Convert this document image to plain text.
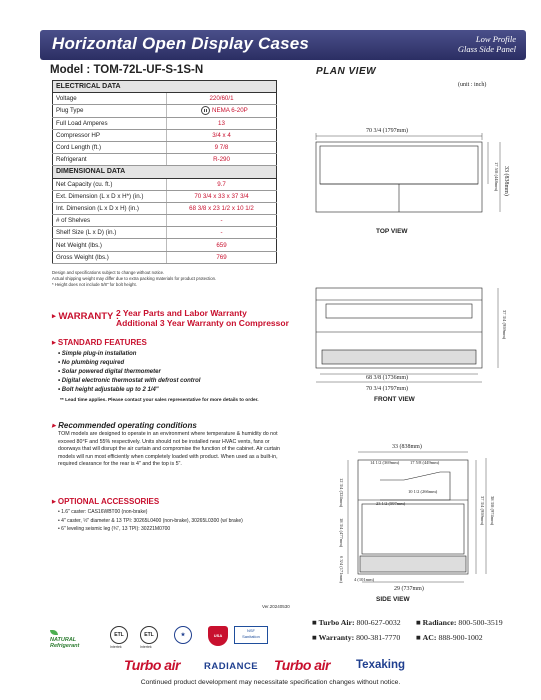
Horizontal Open Display Cases	Low Profile
Glass Side Panel
Model : TOM-72L-UF-S-1S-N
ELECTRICAL DATA	
Voltage	220/60/1
Plug Type	NEMA 6-20P
Full Load Amperes	13
Compressor HP	3/4 x 4
Cord Length (ft.)	9 7/8
Refrigerant	R-290
DIMENSIONAL DATA	
Net Capacity (cu. ft.)	9.7
Ext. Dimension (L x D x H*) (in.)	70 3/4 x 33 x 37 3/4
Int. Dimension (L x D x H) (in.)	68 3/8 x 23 1/2 x 10 1/2
# of Shelves	-
Shelf Size (L x D) (in.)	-
Net Weight (lbs.)	659
Gross Weight (lbs.)	769
Design and specifications subject to change without notice.
Actual shipping weight may differ due to extra packing materials for product protection.
* Height does not include 5/8" for bolt height.
▶ WARRANTY :
2 Year Parts and Labor Warranty
Additional 3 Year Warranty on Compressor
▶ STANDARD FEATURES
• Simple plug-in installation
• No plumbing required
• Solar powered digital thermometer
• Digital electronic thermostat with defrost control
• Bolt height adjustable up to 2 1/4"
** Lead time applies. Please contact your sales representative for more details to order.
▶ Recommended operating conditions
TOM models are designed to operate in an environment where temperature & humidity do not exceed 80°F and 55% respectively. Units should not be installed near HVAC vents, fans or doorways that will disrupt the air curtain and compromise the function of the cabinet. Air curtain models will run most efficiently when completely loaded with product. When used as a built-in, required clearance for the rear is 4" and the top is 5".
▶ OPTIONAL ACCESSORIES
• 1.6" caster: CAS16WBT00 (non-brake)
• 4" caster, ½" diameter & 13 TPI: 30265L0400 (non-brake), 30265L0300 (w/ brake)
• 6" leveling seismic leg (¾", 13 TPI): 30221M0700
Ver.20240530
NATURAL
Refrigerant
ETL
Intertek
ETL
Intertek
★	USA
NSF
Sanitation
■ Turbo Air: 800-627-0032	■ Radiance: 800-500-3519
■ Warranty: 800-381-7770	■ AC: 888-900-1002
Turbo air	RADIANCE Turbo air Texaking
Continued product development may necessitate specification changes without notice.
PLAN VIEW
(unit : inch)
70 3/4 (1797mm)
17 5/8 (448mm) 33 (838mm)
68 3/8 (1736mm)
70 3/4 (1797mm)
37 3/4 (959mm)
33 (838mm)
14 1/2 (369mm) 17 5/8 (449mm)
10 1/2 (266mm)
23 1/2 (597mm)
12 3/4 (324mm)
18 3/4 (477mm)
6 3/4 (171mm) 4 (101mm)
29 (737mm)
37 3/4 (959mm) 38 3/8 (974mm)
TOP VIEW
FRONT VIEW
SIDE VIEW
